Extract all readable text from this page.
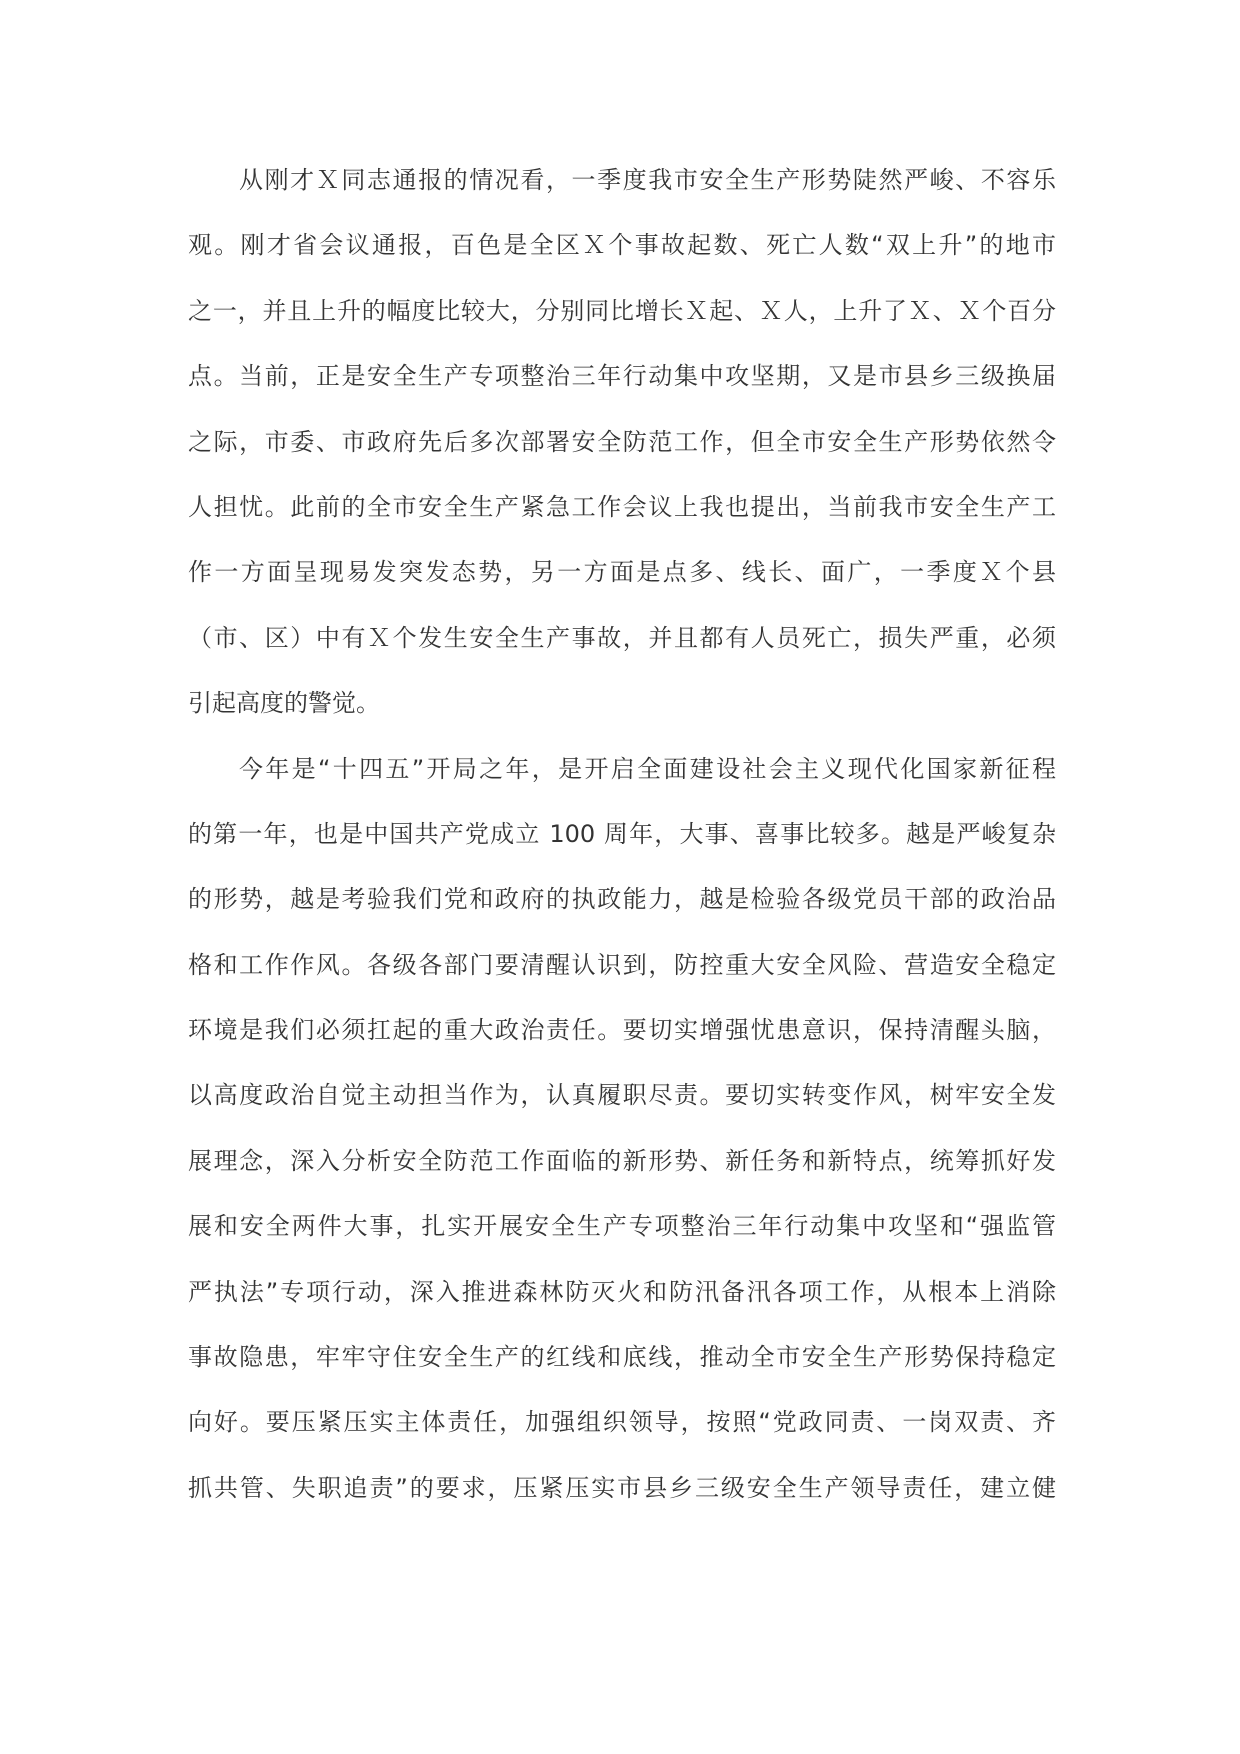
从刚才Ｘ同志通报的情况看，一季度我市安全生产形势陡然严峻、不容乐
观。刚才省会议通报，百色是全区Ｘ个事故起数、死亡人数“双上升”的地市
之一，并且上升的幅度比较大，分别同比增长Ｘ起、Ｘ人，上升了Ｘ、Ｘ个百分
点。当前，正是安全生产专项整治三年行动集中攻坚期，又是市县乡三级换届
之际，市委、市政府先后多次部署安全防范工作，但全市安全生产形势依然令
人担忧。此前的全市安全生产紧急工作会议上我也提出，当前我市安全生产工
作一方面呈现易发突发态势，另一方面是点多、线长、面广，一季度Ｘ个县
（市、区）中有Ｘ个发生安全生产事故，并且都有人员死亡，损失严重，必须
引起高度的警觉。
今年是“十四五”开局之年，是开启全面建设社会主义现代化国家新征程
的第一年，也是中国共产党成立 100 周年，大事、喜事比较多。越是严峻复杂
的形势，越是考验我们党和政府的执政能力，越是检验各级党员干部的政治品
格和工作作风。各级各部门要清醒认识到，防控重大安全风险、营造安全稳定
环境是我们必须扛起的重大政治责任。要切实增强忧患意识，保持清醒头脑，
以高度政治自觉主动担当作为，认真履职尽责。要切实转变作风，树牢安全发
展理念，深入分析安全防范工作面临的新形势、新任务和新特点，统筹抓好发
展和安全两件大事，扎实开展安全生产专项整治三年行动集中攻坚和“强监管
严执法”专项行动，深入推进森林防灭火和防汛备汛各项工作，从根本上消除
事故隐患，牢牢守住安全生产的红线和底线，推动全市安全生产形势保持稳定
向好。要压紧压实主体责任，加强组织领导，按照“党政同责、一岗双责、齐
抓共管、失职追责”的要求，压紧压实市县乡三级安全生产领导责任，建立健
